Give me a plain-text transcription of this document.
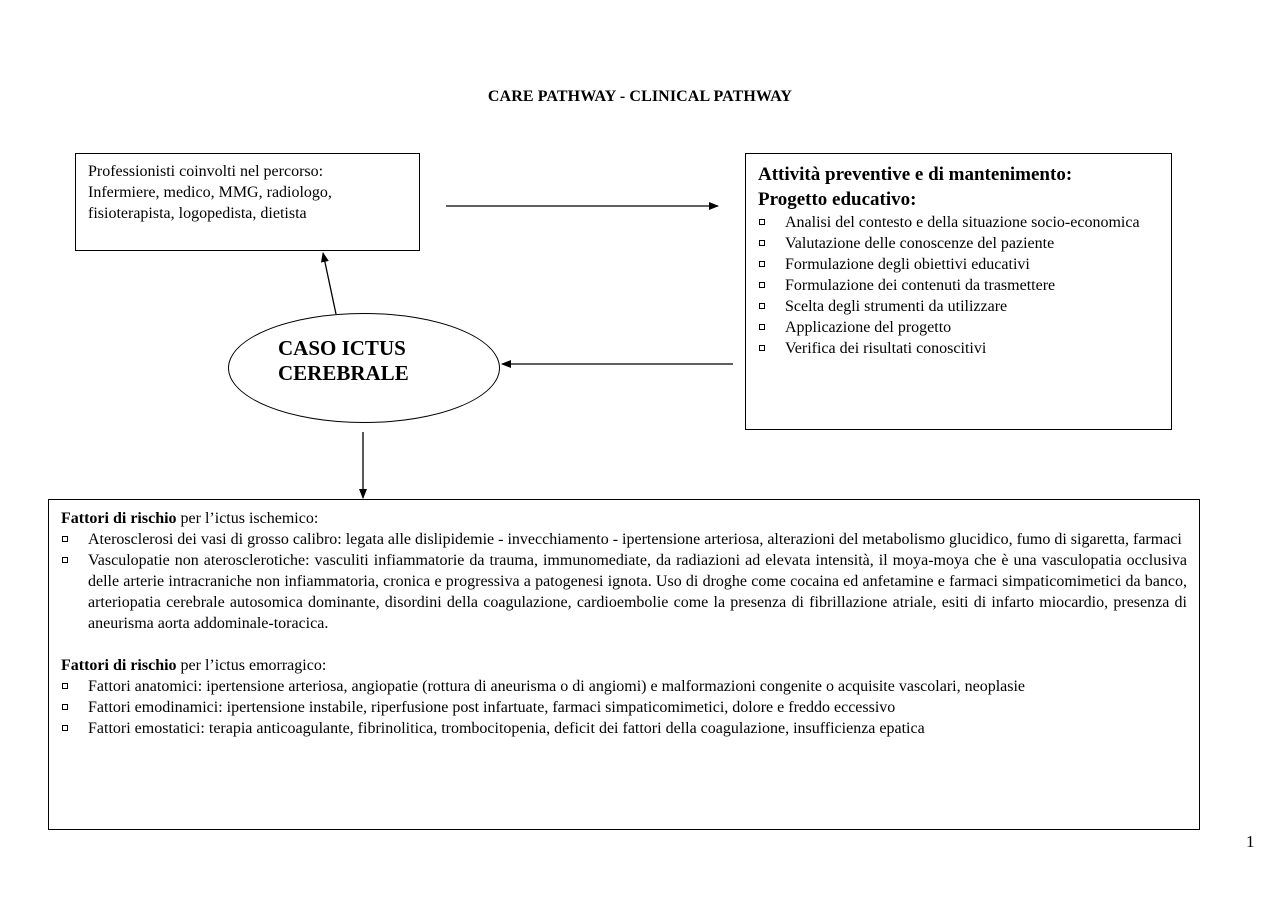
CARE PATHWAY - CLINICAL PATHWAY
Professionisti coinvolti nel percorso:
Infermiere, medico, MMG, radiologo,
fisioterapista, logopedista, dietista
Attività preventive e di mantenimento:
Progetto educativo:
Analisi del contesto e della situazione socio-economica
Valutazione delle conoscenze del paziente
Formulazione degli obiettivi educativi
Formulazione dei contenuti da trasmettere
Scelta degli strumenti da utilizzare
Applicazione del progetto
Verifica dei risultati conoscitivi
CASO ICTUS
CEREBRALE
Fattori di rischio per l’ictus ischemico:
Aterosclerosi dei vasi di grosso calibro: legata alle dislipidemie - invecchiamento - ipertensione arteriosa, alterazioni del metabolismo glucidico, fumo di sigaretta, farmaci
Vasculopatie non aterosclerotiche: vasculiti infiammatorie da trauma, immunomediate, da radiazioni ad elevata intensità, il moya-moya che è una vasculopatia occlusiva delle arterie intracraniche non infiammatoria, cronica e progressiva a patogenesi ignota. Uso di droghe come cocaina ed anfetamine e farmaci simpaticomimetici da banco, arteriopatia cerebrale autosomica dominante, disordini della coagulazione, cardioembolie come la presenza di fibrillazione atriale, esiti di infarto miocardio, presenza di aneurisma aorta addominale-toracica.
Fattori di rischio per l’ictus emorragico:
Fattori anatomici: ipertensione arteriosa, angiopatie (rottura di aneurisma o di angiomi) e malformazioni congenite o acquisite vascolari, neoplasie
Fattori emodinamici: ipertensione instabile, riperfusione post infartuate, farmaci simpaticomimetici, dolore e freddo eccessivo
Fattori emostatici: terapia anticoagulante, fibrinolitica, trombocitopenia, deficit dei fattori della coagulazione, insufficienza epatica
1
